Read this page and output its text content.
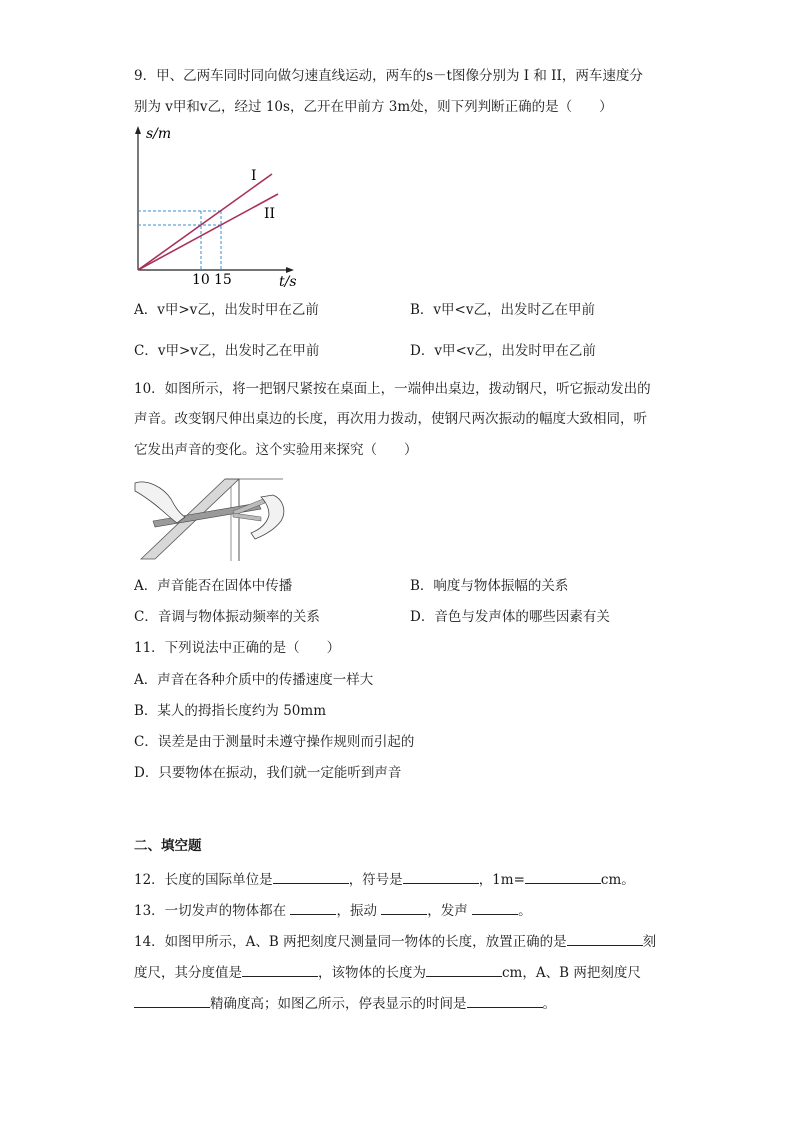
9．甲、乙两车同时同向做匀速直线运动，两车的s－t图像分别为 I 和 II，两车速度分
别为 v甲和v乙，经过 10s，乙开在甲前方 3m处，则下列判断正确的是（　　）
s/m
t/s
10 15
I
II
A．v甲>v乙，出发时甲在乙前	B．v甲<v乙，出发时乙在甲前
C．v甲>v乙，出发时乙在甲前	D．v甲<v乙，出发时甲在乙前
10．如图所示，将一把钢尺紧按在桌面上，一端伸出桌边，拨动钢尺，听它振动发出的
声音。改变钢尺伸出桌边的长度，再次用力拨动，使钢尺两次振动的幅度大致相同，听
它发出声音的变化。这个实验用来探究（　　）
A．声音能否在固体中传播	B．响度与物体振幅的关系
C．音调与物体振动频率的关系	D．音色与发声体的哪些因素有关
11．下列说法中正确的是（　　）
A．声音在各种介质中的传播速度一样大
B．某人的拇指长度约为 50mm
C．误差是由于测量时未遵守操作规则而引起的
D．只要物体在振动，我们就一定能听到声音
二、填空题
12．长度的国际单位是	，符号是	，1m=	cm。
13．一切发声的物体都在	，振动	，发声	。
14．如图甲所示，A、B 两把刻度尺测量同一物体的长度，放置正确的是	刻
度尺，其分度值是	，该物体的长度为	cm，A、B 两把刻度尺
精确度高；如图乙所示，停表显示的时间是	。
